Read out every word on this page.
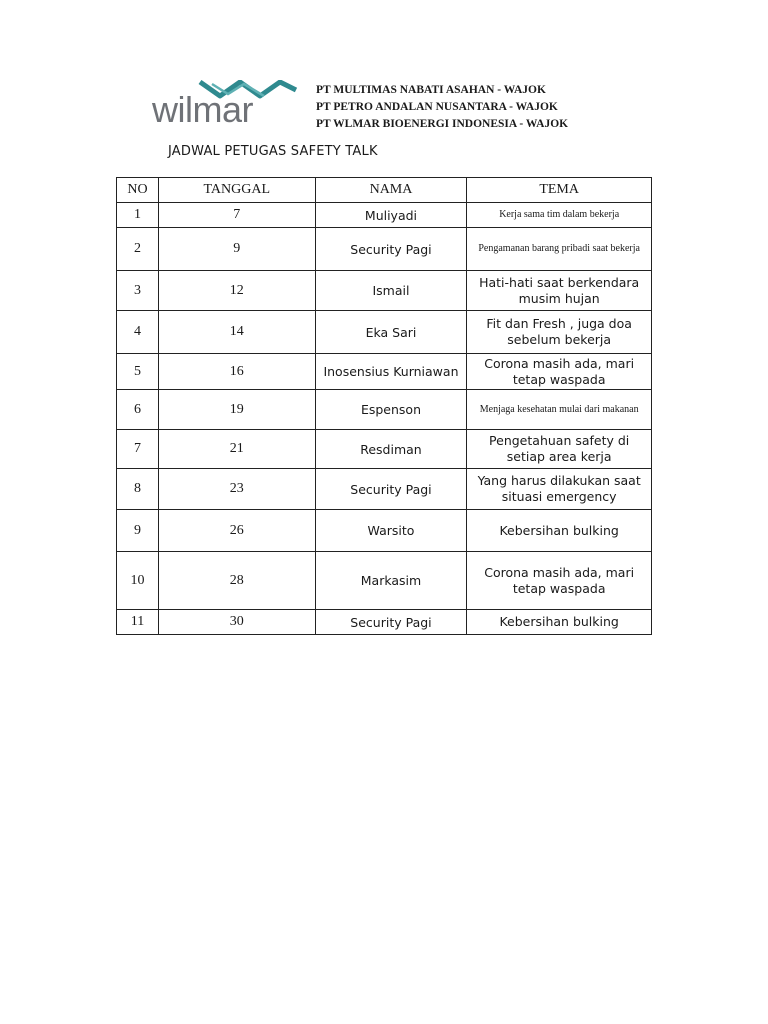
wilmar	PT MULTIMAS NABATI ASAHAN - WAJOK
PT PETRO ANDALAN NUSANTARA - WAJOK
PT WLMAR BIOENERGI INDONESIA - WAJOK
JADWAL PETUGAS SAFETY TALK
NO	TANGGAL	NAMA	TEMA
1	7	Muliyadi	Kerja sama tim dalam bekerja
2	9	Security Pagi	Pengamanan barang pribadi saat bekerja
3	12	Ismail	Hati-hati saat berkendara musim hujan
4	14	Eka Sari	Fit dan Fresh , juga doa sebelum bekerja
5	16	Inosensius Kurniawan	Corona masih ada, mari tetap waspada
6	19	Espenson	Menjaga kesehatan mulai dari makanan
7	21	Resdiman	Pengetahuan safety di setiap area kerja
8	23	Security Pagi	Yang harus dilakukan saat situasi emergency
9	26	Warsito	Kebersihan bulking
10	28	Markasim	Corona masih ada, mari tetap waspada
11	30	Security Pagi	Kebersihan bulking
